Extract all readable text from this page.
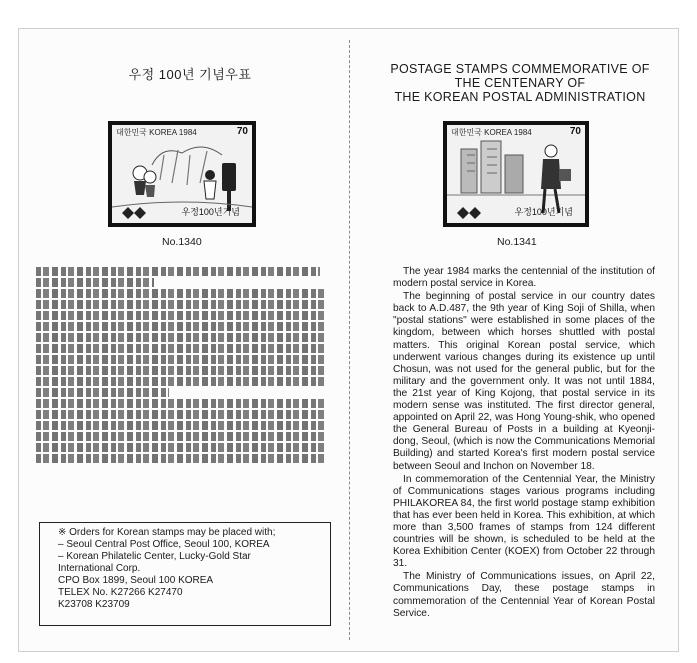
우정 100년 기념우표	POSTAGE STAMPS COMMEMORATIVE OF
THE CENTENARY OF
THE KOREAN POSTAL ADMINISTRATION
대한민국 KOREA 1984	70
우정100년기념
No.1340
대한민국 KOREA 1984	70
우정100년기념
No.1341
※ Orders for Korean stamps may be placed with;
– Seoul Central Post Office, Seoul 100, KOREA
– Korean Philatelic Center, Lucky-Gold Star
International Corp.
CPO Box 1899, Seoul 100 KOREA
TELEX No. K27266 K27470
K23708 K23709

The year 1984 marks the centennial of the institution of modern postal service in Korea.

The beginning of postal service in our country dates back to A.D.487, the 9th year of King Soji of Shilla, when "postal stations" were established in some places of the kingdom, between which horses shuttled with postal matters. This original Korean postal service, which underwent various changes during its existence up until Chosun, was not used for the general public, but for the military and the government only. It was not until 1884, the 21st year of King Kojong, that postal service in its modern sense was instituted. The first director general, appointed on April 22, was Hong Young-shik, who opened the General Bureau of Posts in a building at Kyeonji-dong, Seoul, (which is now the Communications Memorial Building) and started Korea's first modern postal service between Seoul and Inchon on November 18.

In commemoration of the Centennial Year, the Ministry of Communications stages various programs including PHILAKOREA 84, the first world postage stamp exhibition that has ever been held in Korea. This exhibition, at which more than 3,500 frames of stamps from 124 different countries will be shown, is scheduled to be held at the Korea Exhibition Center (KOEX) from October 22 through 31.

The Ministry of Communications issues, on April 22, Communications Day, these postage stamps in commemoration of the Centennial Year of Korean Postal Service.
